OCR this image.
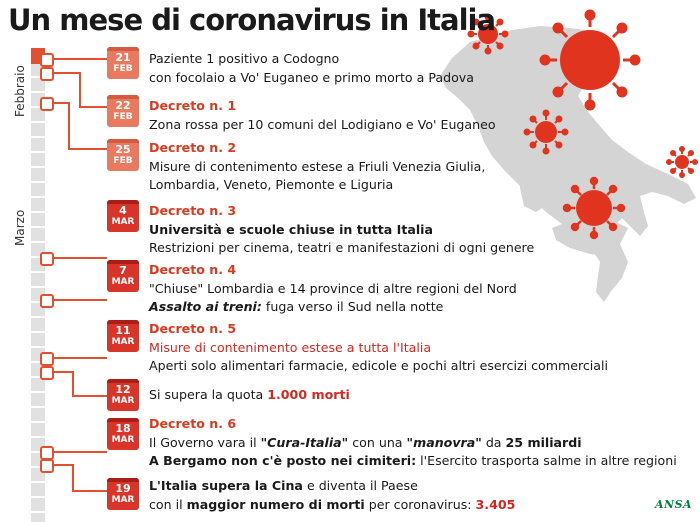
Un mese di coronavirus in Italia
Febbraio
Marzo
21
FEB
Paziente 1 positivo a Codogno
con focolaio a Vo' Euganeo e primo morto a Padova
22
FEB
Decreto n. 1
Zona rossa per 10 comuni del Lodigiano e Vo' Euganeo
25
FEB
Decreto n. 2
Misure di contenimento estese a Friuli Venezia Giulia,
Lombardia, Veneto, Piemonte e Liguria
4
MAR
Decreto n. 3
Università e scuole chiuse in tutta Italia
Restrizioni per cinema, teatri e manifestazioni di ogni genere
7
MAR
Decreto n. 4
"Chiuse" Lombardia e 14 province di altre regioni del Nord
Assalto ai treni: fuga verso il Sud nella notte
11
MAR
Decreto n. 5
Misure di contenimento estese a tutta l'Italia
Aperti solo alimentari farmacie, edicole e pochi altri esercizi commerciali
12
MAR	Si supera la quota 1.000 morti
18
MAR
Decreto n. 6
Il Governo vara il "Cura-Italia" con una "manovra" da 25 miliardi
A Bergamo non c'è posto nei cimiteri: l'Esercito trasporta salme in altre regioni
19
MAR
L'Italia supera la Cina e diventa il Paese
con il maggior numero di morti per coronavirus: 3.405	ANSA
